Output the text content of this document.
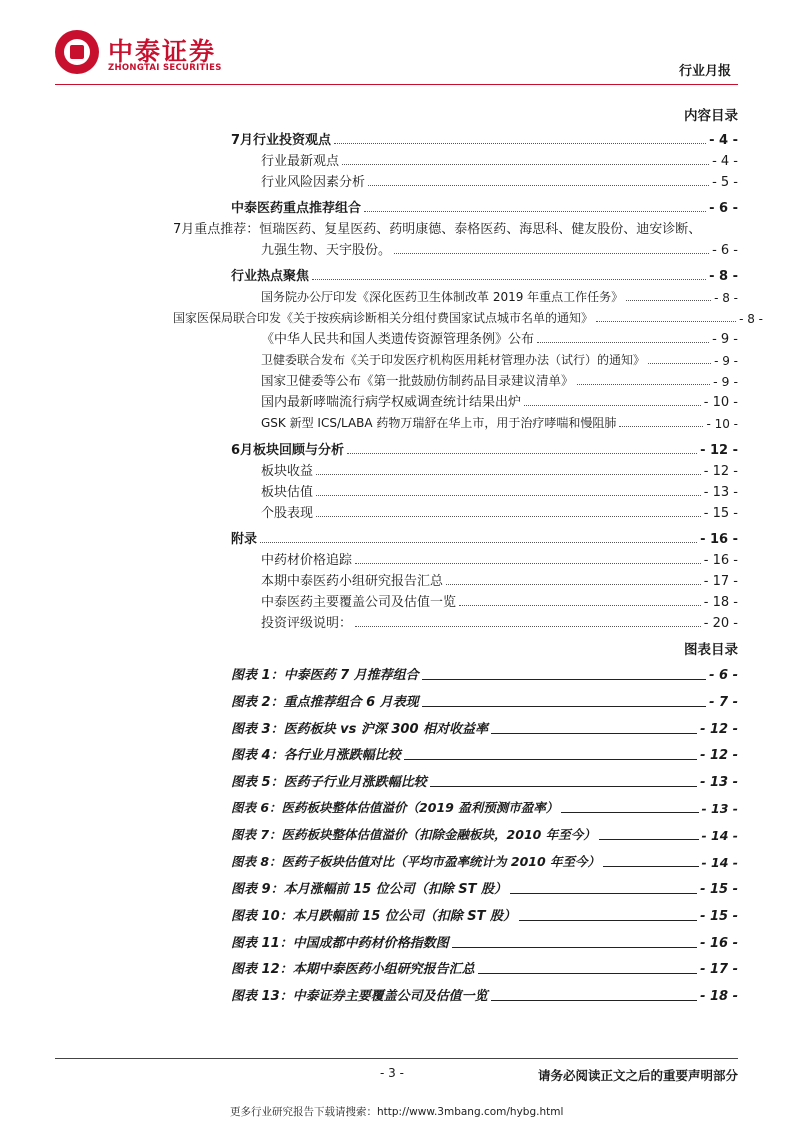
中泰证券
ZHONGTAI SECURITIES	行业月报
内容目录
7月行业投资观点	- 4 -
行业最新观点	- 4 -
行业风险因素分析	- 5 -
中泰医药重点推荐组合	- 6 -
7月重点推荐：恒瑞医药、复星医药、药明康德、泰格医药、海思科、健友股份、迪安诊断、
九强生物、天宇股份。	- 6 -
行业热点聚焦	- 8 -
国务院办公厅印发《深化医药卫生体制改革 2019 年重点工作任务》	- 8 -
国家医保局联合印发《关于按疾病诊断相关分组付费国家试点城市名单的通知》	- 8 -
《中华人民共和国人类遗传资源管理条例》公布	- 9 -
卫健委联合发布《关于印发医疗机构医用耗材管理办法（试行）的通知》	- 9 -
国家卫健委等公布《第一批鼓励仿制药品目录建议清单》	- 9 -
国内最新哮喘流行病学权威调查统计结果出炉	- 10 -
GSK 新型 ICS/LABA 药物万瑞舒在华上市，用于治疗哮喘和慢阻肺	- 10 -
6月板块回顾与分析	- 12 -
板块收益	- 12 -
板块估值	- 13 -
个股表现	- 15 -
附录	- 16 -
中药材价格追踪	- 16 -
本期中泰医药小组研究报告汇总	- 17 -
中泰医药主要覆盖公司及估值一览	- 18 -
投资评级说明：	- 20 -
图表目录
图表 1：中泰医药 7 月推荐组合	- 6 -
图表 2：重点推荐组合 6 月表现	- 7 -
图表 3：医药板块 vs 沪深 300 相对收益率	- 12 -
图表 4：各行业月涨跌幅比较	- 12 -
图表 5：医药子行业月涨跌幅比较	- 13 -
图表 6：医药板块整体估值溢价（2019 盈利预测市盈率）	- 13 -
图表 7：医药板块整体估值溢价（扣除金融板块，2010 年至今）	- 14 -
图表 8：医药子板块估值对比（平均市盈率统计为 2010 年至今）	- 14 -
图表 9：本月涨幅前 15 位公司（扣除 ST 股）	- 15 -
图表 10：本月跌幅前 15 位公司（扣除 ST 股）	- 15 -
图表 11：中国成都中药材价格指数图	- 16 -
图表 12：本期中泰医药小组研究报告汇总	- 17 -
图表 13：中泰证券主要覆盖公司及估值一览	- 18 -
- 3 -	请务必阅读正文之后的重要声明部分
更多行业研究报告下载请搜索：http://www.3mbang.com/hybg.html
